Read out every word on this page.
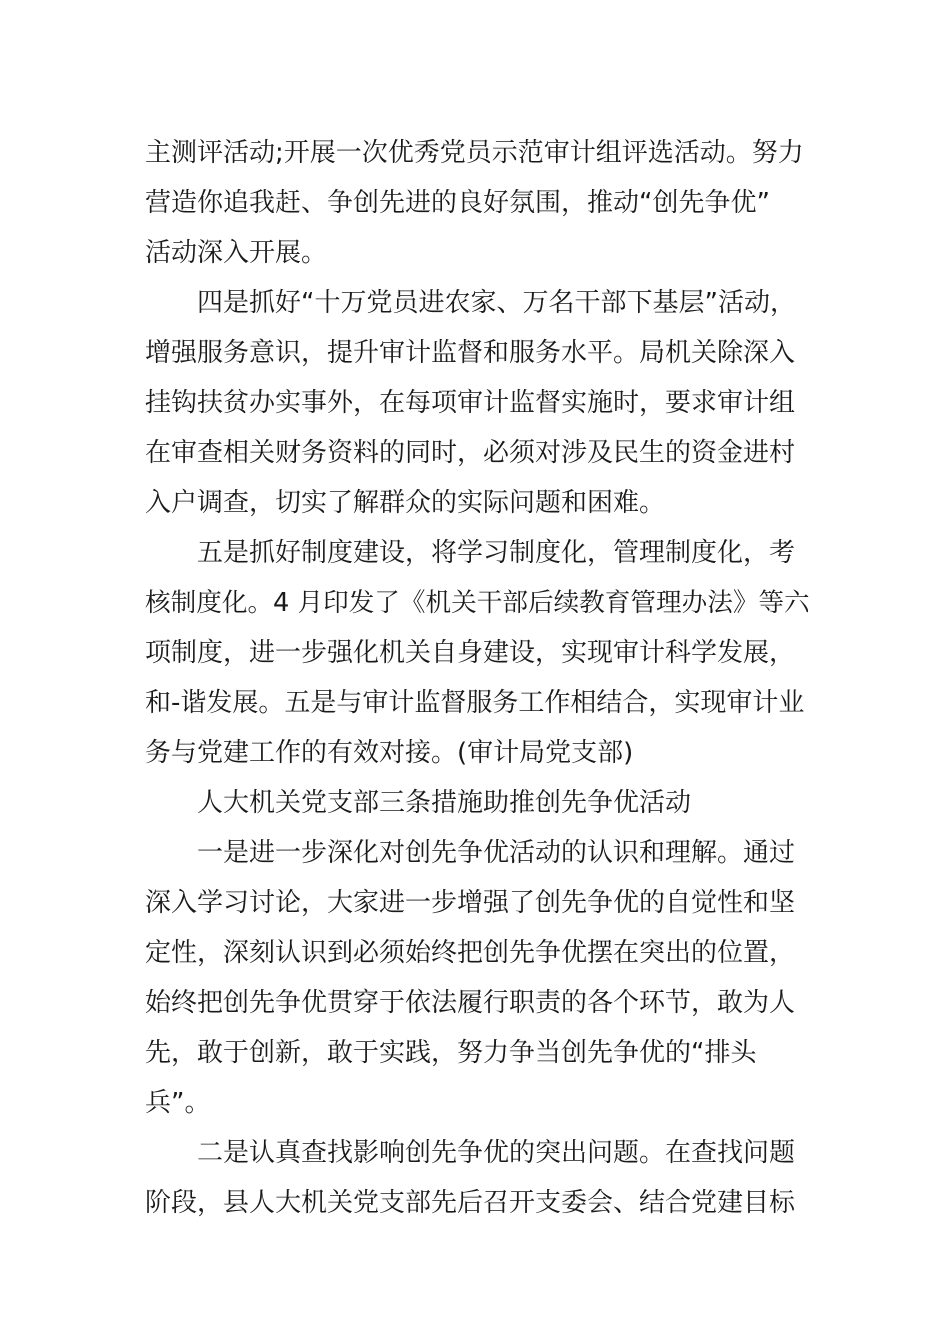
主测评活动;开展一次优秀党员示范审计组评选活动。努力
营造你追我赶、争创先进的良好氛围，推动“创先争优”
活动深入开展。
四是抓好“十万党员进农家、万名干部下基层”活动，
增强服务意识，提升审计监督和服务水平。局机关除深入
挂钩扶贫办实事外，在每项审计监督实施时，要求审计组
在审查相关财务资料的同时，必须对涉及民生的资金进村
入户调查，切实了解群众的实际问题和困难。
五是抓好制度建设，将学习制度化，管理制度化，考
核制度化。4 月印发了《机关干部后续教育管理办法》等六
项制度，进一步强化机关自身建设，实现审计科学发展，
和-谐发展。五是与审计监督服务工作相结合，实现审计业
务与党建工作的有效对接。(审计局党支部)
人大机关党支部三条措施助推创先争优活动
一是进一步深化对创先争优活动的认识和理解。通过
深入学习讨论，大家进一步增强了创先争优的自觉性和坚
定性，深刻认识到必须始终把创先争优摆在突出的位置，
始终把创先争优贯穿于依法履行职责的各个环节，敢为人
先，敢于创新，敢于实践，努力争当创先争优的“排头
兵”。
二是认真查找影响创先争优的突出问题。在查找问题
阶段，县人大机关党支部先后召开支委会、结合党建目标
